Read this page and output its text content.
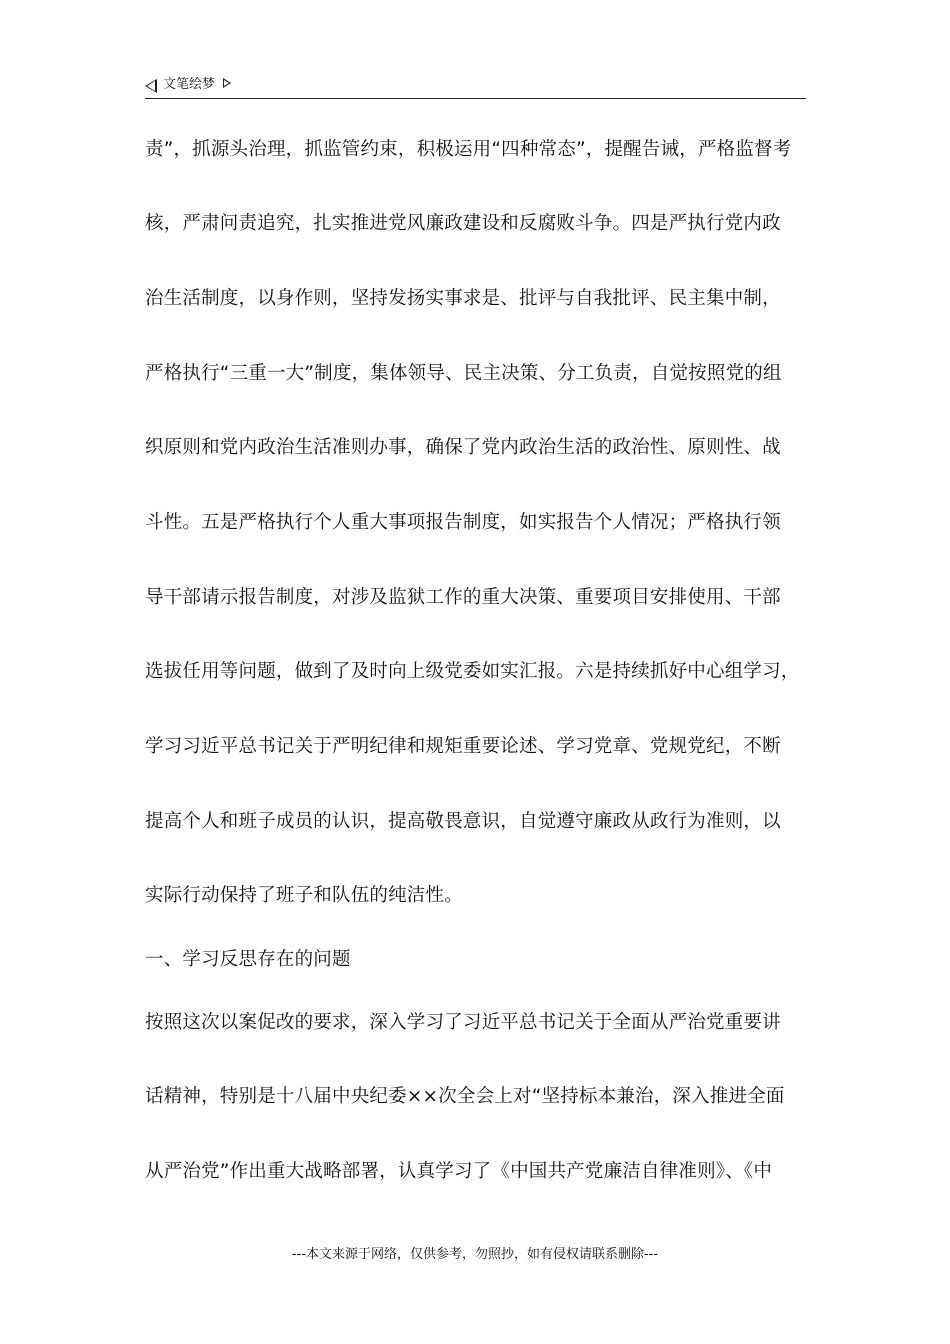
文笔绘梦
责”，抓源头治理，抓监管约束，积极运用“四种常态”，提醒告诫，严格监督考
核，严肃问责追究，扎实推进党风廉政建设和反腐败斗争。四是严执行党内政
治生活制度，以身作则，坚持发扬实事求是、批评与自我批评、民主集中制，
严格执行“三重一大”制度，集体领导、民主决策、分工负责，自觉按照党的组
织原则和党内政治生活准则办事，确保了党内政治生活的政治性、原则性、战
斗性。五是严格执行个人重大事项报告制度，如实报告个人情况；严格执行领
导干部请示报告制度，对涉及监狱工作的重大决策、重要项目安排使用、干部
选拔任用等问题，做到了及时向上级党委如实汇报。六是持续抓好中心组学习，
学习习近平总书记关于严明纪律和规矩重要论述、学习党章、党规党纪，不断
提高个人和班子成员的认识，提高敬畏意识，自觉遵守廉政从政行为准则，以
实际行动保持了班子和队伍的纯洁性。
一、学习反思存在的问题
按照这次以案促改的要求，深入学习了习近平总书记关于全面从严治党重要讲
话精神，特别是十八届中央纪委××次全会上对“坚持标本兼治，深入推进全面
从严治党”作出重大战略部署，认真学习了《中国共产党廉洁自律准则》、《中
---本文来源于网络，仅供参考，勿照抄，如有侵权请联系删除---
